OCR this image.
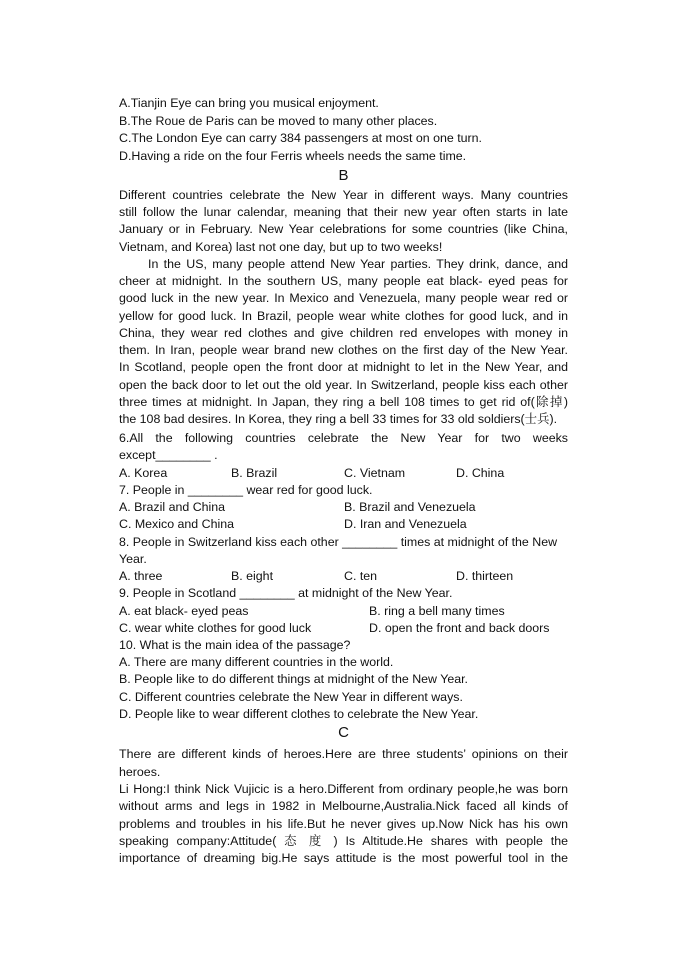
A.Tianjin Eye can bring you musical enjoyment.
B.The Roue de Paris can be moved to many other places.
C.The London Eye can carry 384 passengers at most on one turn.
D.Having a ride on the four Ferris wheels needs the same time.
B
Different countries celebrate the New Year in different ways. Many countries
still follow the lunar calendar, meaning that their new year often starts in late
January or in February. New Year celebrations for some countries (like China,
Vietnam, and Korea) last not one day, but up to two weeks!
In the US, many people attend New Year parties. They drink, dance, and
cheer at midnight. In the southern US, many people eat black- eyed peas for
good luck in the new year. In Mexico and Venezuela, many people wear red or
yellow for good luck. In Brazil, people wear white clothes for good luck, and in
China, they wear red clothes and give children red envelopes with money in
them. In Iran, people wear brand new clothes on the first day of the New Year.
In Scotland, people open the front door at midnight to let in the New Year, and
open the back door to let out the old year. In Switzerland, people kiss each other
three times at midnight. In Japan, they ring a bell 108 times to get rid of(除掉)
the 108 bad desires. In Korea, they ring a bell 33 times for 33 old soldiers(士兵).
6.All the following countries celebrate the New Year for two weeks
except________ .
A. Korea	B. Brazil	C. Vietnam	D. China
7. People in ________ wear red for good luck.
A. Brazil and China	B. Brazil and Venezuela
C. Mexico and China	D. Iran and Venezuela
8. People in Switzerland kiss each other ________ times at midnight of the New
Year.
A. three	B. eight	C. ten	D. thirteen
9. People in Scotland ________ at midnight of the New Year.
A. eat black- eyed peas	B. ring a bell many times
C. wear white clothes for good luck	D. open the front and back doors
10. What is the main idea of the passage?
A. There are many different countries in the world.
B. People like to do different things at midnight of the New Year.
C. Different countries celebrate the New Year in different ways.
D. People like to wear different clothes to celebrate the New Year.
C
There are different kinds of heroes.Here are three students’ opinions on their
heroes.
Li Hong:I think Nick Vujicic is a hero.Different from ordinary people,he was born
without arms and legs in 1982 in Melbourne,Australia.Nick faced all kinds of
problems and troubles in his life.But he never gives up.Now Nick has his own
speaking company:Attitude( 态 度 ) Is Altitude.He shares with people the
importance of dreaming big.He says attitude is the most powerful tool in the
